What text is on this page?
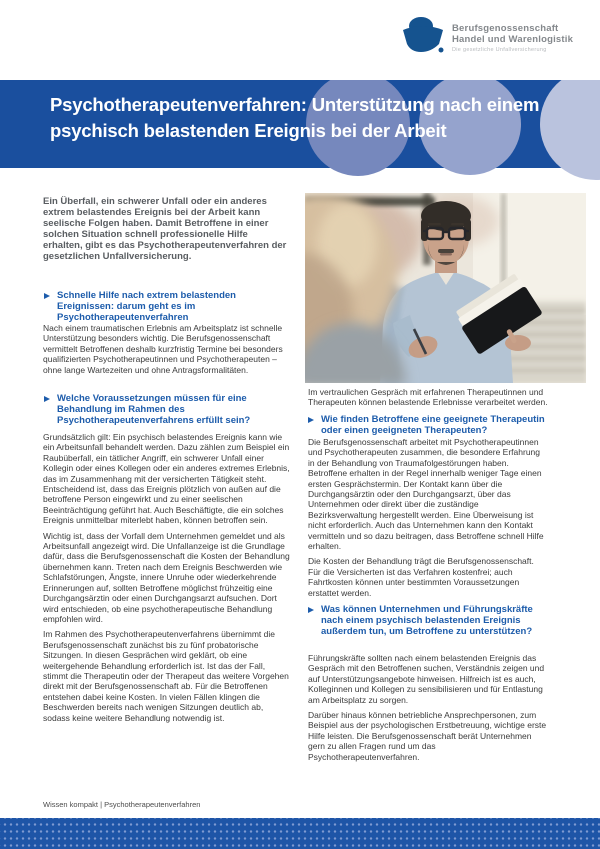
Berufsgenossenschaft
Handel und Warenlogistik
Die gesetzliche Unfallversicherung
Psychotherapeutenverfahren: Unterstützung nach einem
psychisch belastenden Ereignis bei der Arbeit
Ein Überfall, ein schwerer Unfall oder ein anderes extrem belastendes Ereignis bei der Arbeit kann seelische Folgen haben. Damit Betroffene in einer solchen Situation schnell professionelle Hilfe erhalten, gibt es das Psychotherapeutenverfahren der gesetzlichen Unfallversicherung.
Schnelle Hilfe nach extrem belastenden Ereignissen: darum geht es im Psychotherapeutenverfahren
Nach einem traumatischen Erlebnis am Arbeitsplatz ist schnelle Unterstützung besonders wichtig. Die Berufsgenossenschaft vermittelt Betroffenen deshalb kurzfristig Termine bei besonders qualifizierten Psychotherapeutinnen und Psychotherapeuten – ohne lange Wartezeiten und ohne Antragsformalitäten.
Welche Voraussetzungen müssen für eine Behandlung im Rahmen des Psychotherapeutenverfahrens erfüllt sein?

Grundsätzlich gilt: Ein psychisch belastendes Ereignis kann wie ein Arbeitsunfall behandelt werden. Dazu zählen zum Beispiel ein Raubüberfall, ein tätlicher Angriff, ein schwerer Unfall einer Kollegin oder eines Kollegen oder ein anderes extremes Erlebnis, das im Zusammenhang mit der versicherten Tätigkeit steht. Entscheidend ist, dass das Ereignis plötzlich von außen auf die betroffene Person eingewirkt und zu einer seelischen Beeinträchtigung geführt hat. Auch Beschäftigte, die ein solches Ereignis unmittelbar miterlebt haben, können betroffen sein.

Wichtig ist, dass der Vorfall dem Unternehmen gemeldet und als Arbeitsunfall angezeigt wird. Die Unfallanzeige ist die Grundlage dafür, dass die Berufsgenossenschaft die Kosten der Behandlung übernehmen kann. Treten nach dem Ereignis Beschwerden wie Schlafstörungen, Ängste, innere Unruhe oder wiederkehrende Erinnerungen auf, sollten Betroffene möglichst frühzeitig eine Durchgangsärztin oder einen Durchgangsarzt aufsuchen. Dort wird entschieden, ob eine psychotherapeutische Behandlung empfohlen wird.

Im Rahmen des Psychotherapeutenverfahrens übernimmt die Berufsgenossenschaft zunächst bis zu fünf probatorische Sitzungen. In diesen Gesprächen wird geklärt, ob eine weitergehende Behandlung erforderlich ist. Ist das der Fall, stimmt die Therapeutin oder der Therapeut das weitere Vorgehen direkt mit der Berufsgenossenschaft ab. Für die Betroffenen entstehen dabei keine Kosten. In vielen Fällen klingen die Beschwerden bereits nach wenigen Sitzungen deutlich ab, sodass keine weitere Behandlung notwendig ist.

Wissen kompakt | Psychotherapeutenverfahren
Im vertraulichen Gespräch mit erfahrenen Therapeutinnen und Therapeuten können belastende Erlebnisse verarbeitet werden.
Wie finden Betroffene eine geeignete Therapeutin oder einen geeigneten Therapeuten?

Die Berufsgenossenschaft arbeitet mit Psychotherapeutinnen und Psychotherapeuten zusammen, die besondere Erfahrung in der Behandlung von Traumafolgestörungen haben. Betroffene erhalten in der Regel innerhalb weniger Tage einen ersten Gesprächstermin. Der Kontakt kann über die Durchgangsärztin oder den Durchgangsarzt, über das Unternehmen oder direkt über die zuständige Bezirksverwaltung hergestellt werden. Eine Überweisung ist nicht erforderlich. Auch das Unternehmen kann den Kontakt vermitteln und so dazu beitragen, dass Betroffene schnell Hilfe erhalten.

Die Kosten der Behandlung trägt die Berufsgenossenschaft. Für die Versicherten ist das Verfahren kostenfrei; auch Fahrtkosten können unter bestimmten Voraussetzungen erstattet werden.

Was können Unternehmen und Führungskräfte nach einem psychisch belastenden Ereignis außerdem tun, um Betroffene zu unterstützen?

Führungskräfte sollten nach einem belastenden Ereignis das Gespräch mit den Betroffenen suchen, Verständnis zeigen und auf Unterstützungsangebote hinweisen. Hilfreich ist es auch, Kolleginnen und Kollegen zu sensibilisieren und für Entlastung am Arbeitsplatz zu sorgen.

Darüber hinaus können betriebliche Ansprechpersonen, zum Beispiel aus der psychologischen Erstbetreuung, wichtige erste Hilfe leisten. Die Berufsgenossenschaft berät Unternehmen gern zu allen Fragen rund um das Psychotherapeutenverfahren.
